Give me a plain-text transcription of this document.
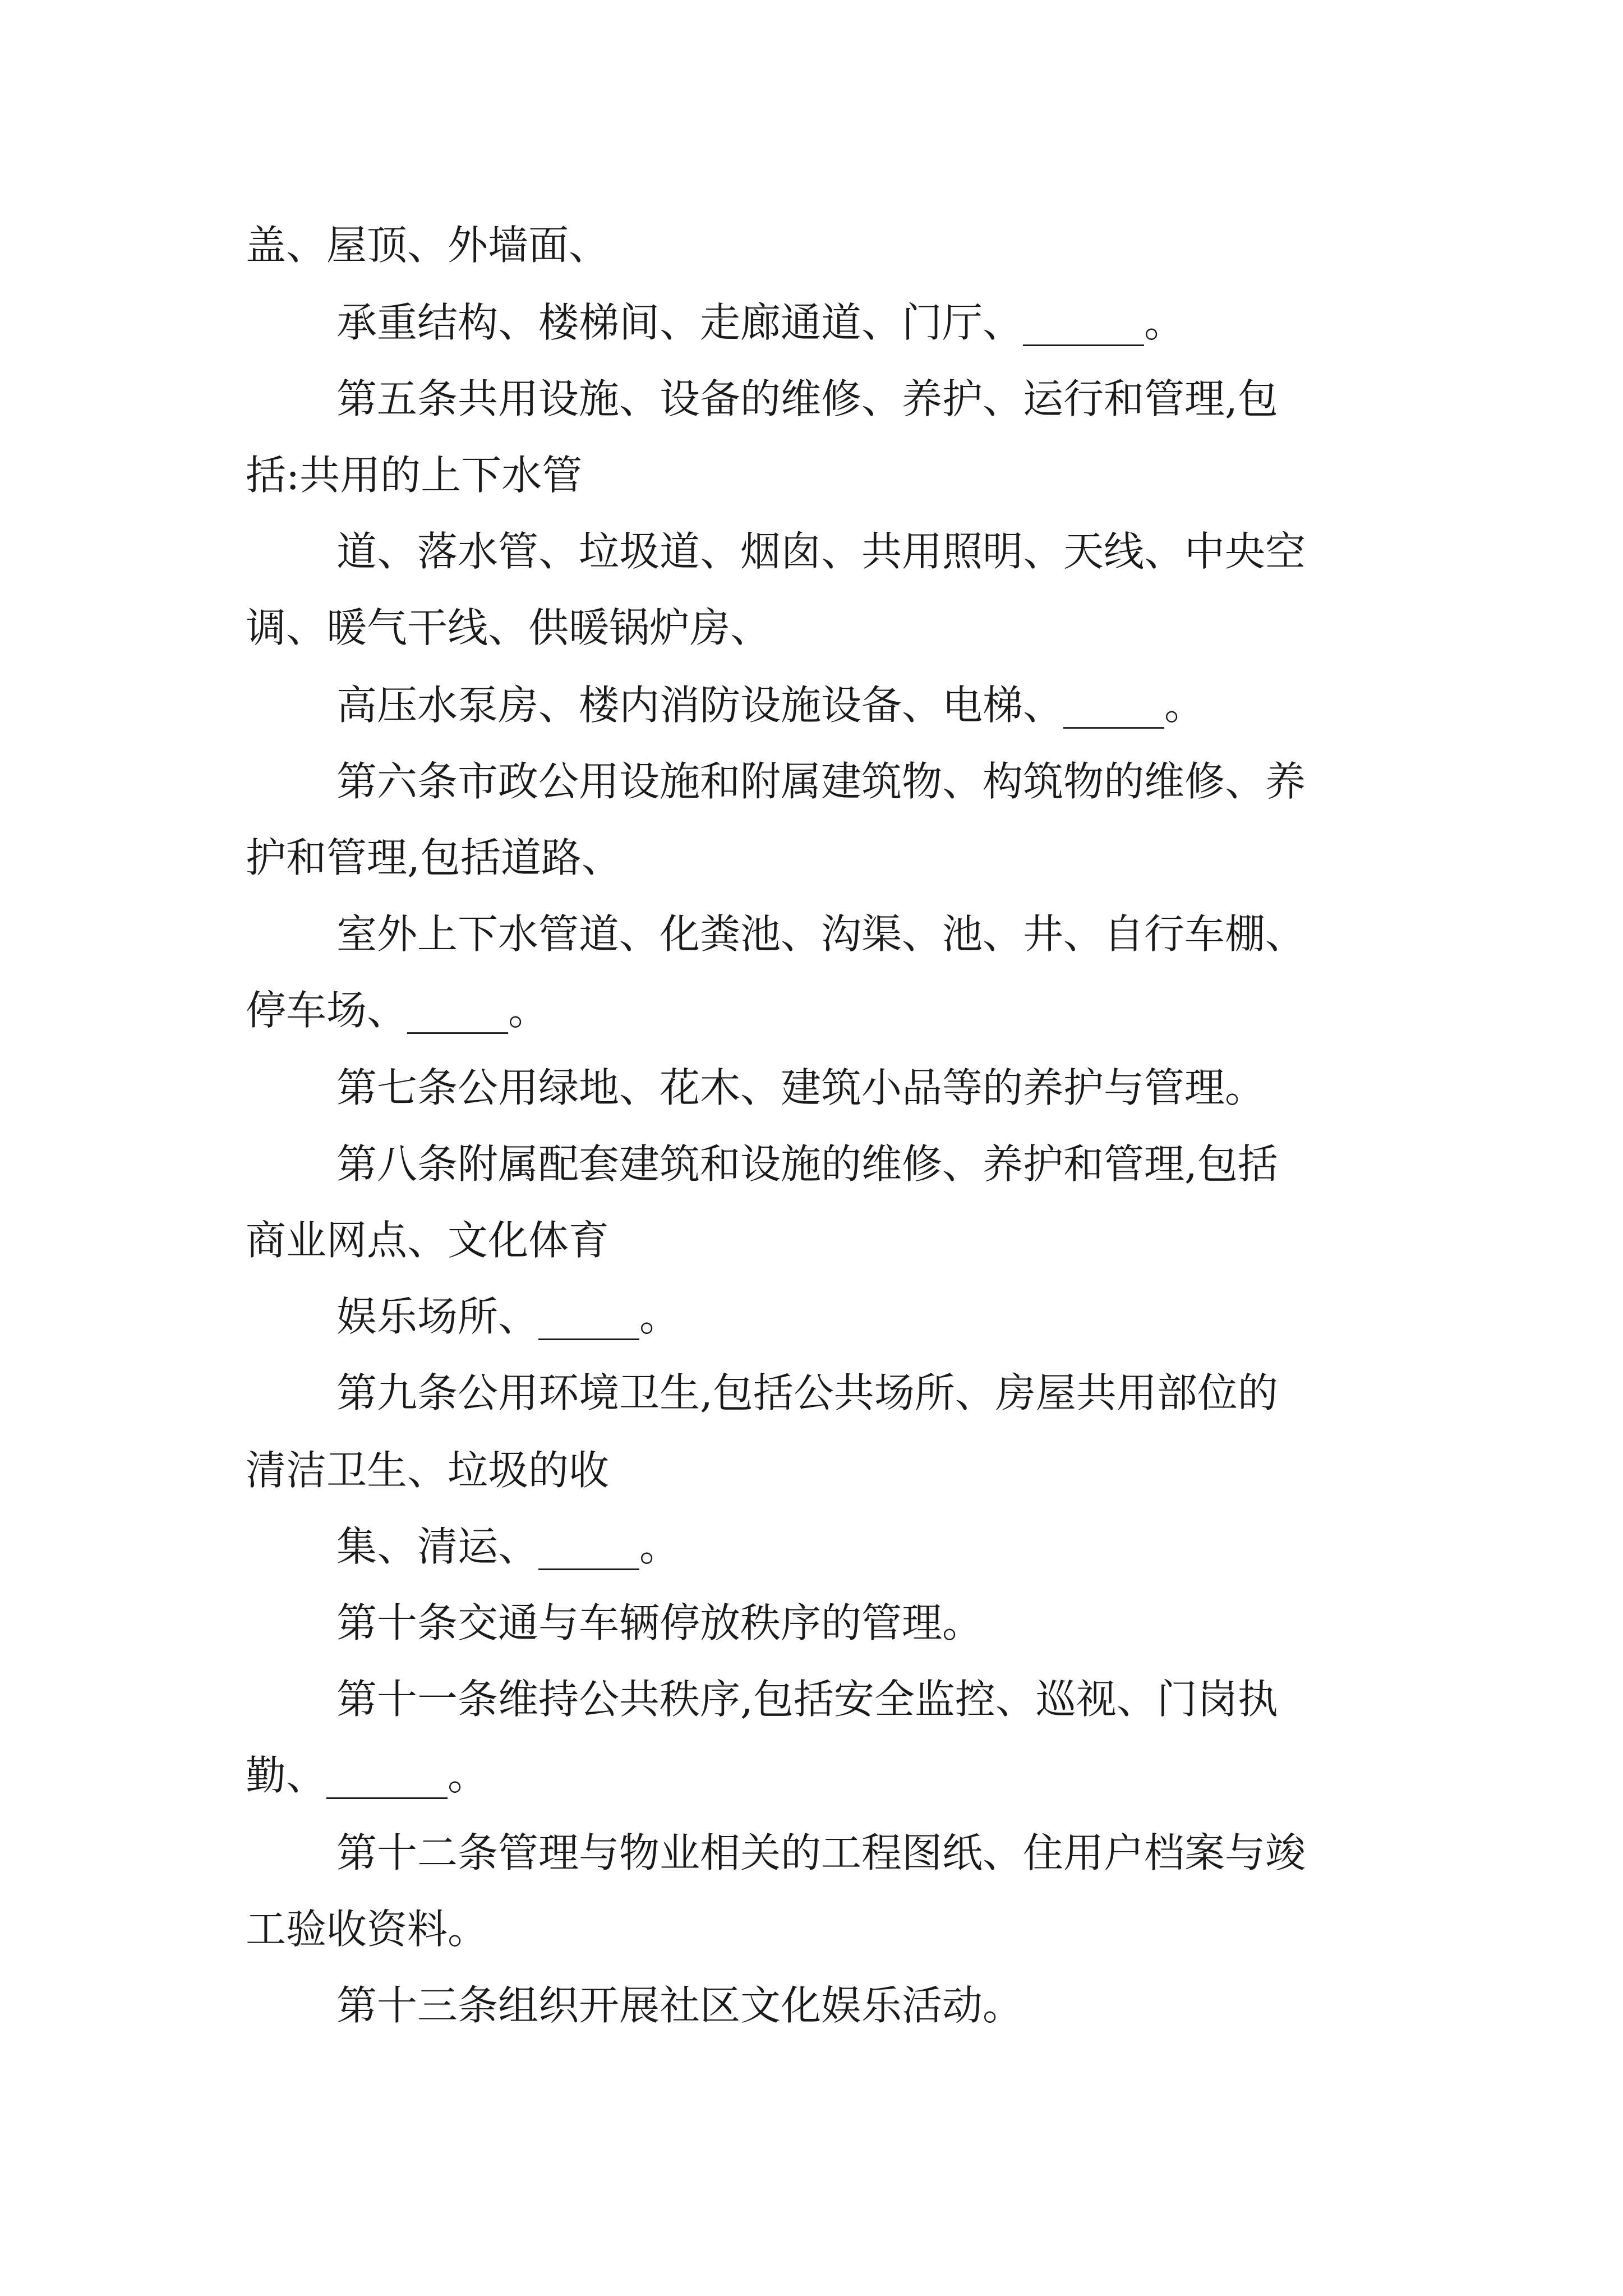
盖、屋顶、外墙面、
承重结构、楼梯间、走廊通道、门厅、______。
第五条共用设施、设备的维修、养护、运行和管理,包
括:共用的上下水管
道、落水管、垃圾道、烟囱、共用照明、天线、中央空
调、暖气干线、供暖锅炉房、
高压水泵房、楼内消防设施设备、电梯、_____。
第六条市政公用设施和附属建筑物、构筑物的维修、养
护和管理,包括道路、
室外上下水管道、化粪池、沟渠、池、井、自行车棚、
停车场、_____。
第七条公用绿地、花木、建筑小品等的养护与管理。
第八条附属配套建筑和设施的维修、养护和管理,包括
商业网点、文化体育
娱乐场所、_____。
第九条公用环境卫生,包括公共场所、房屋共用部位的
清洁卫生、垃圾的收
集、清运、_____。
第十条交通与车辆停放秩序的管理。
第十一条维持公共秩序,包括安全监控、巡视、门岗执
勤、______。
第十二条管理与物业相关的工程图纸、住用户档案与竣
工验收资料。
第十三条组织开展社区文化娱乐活动。
